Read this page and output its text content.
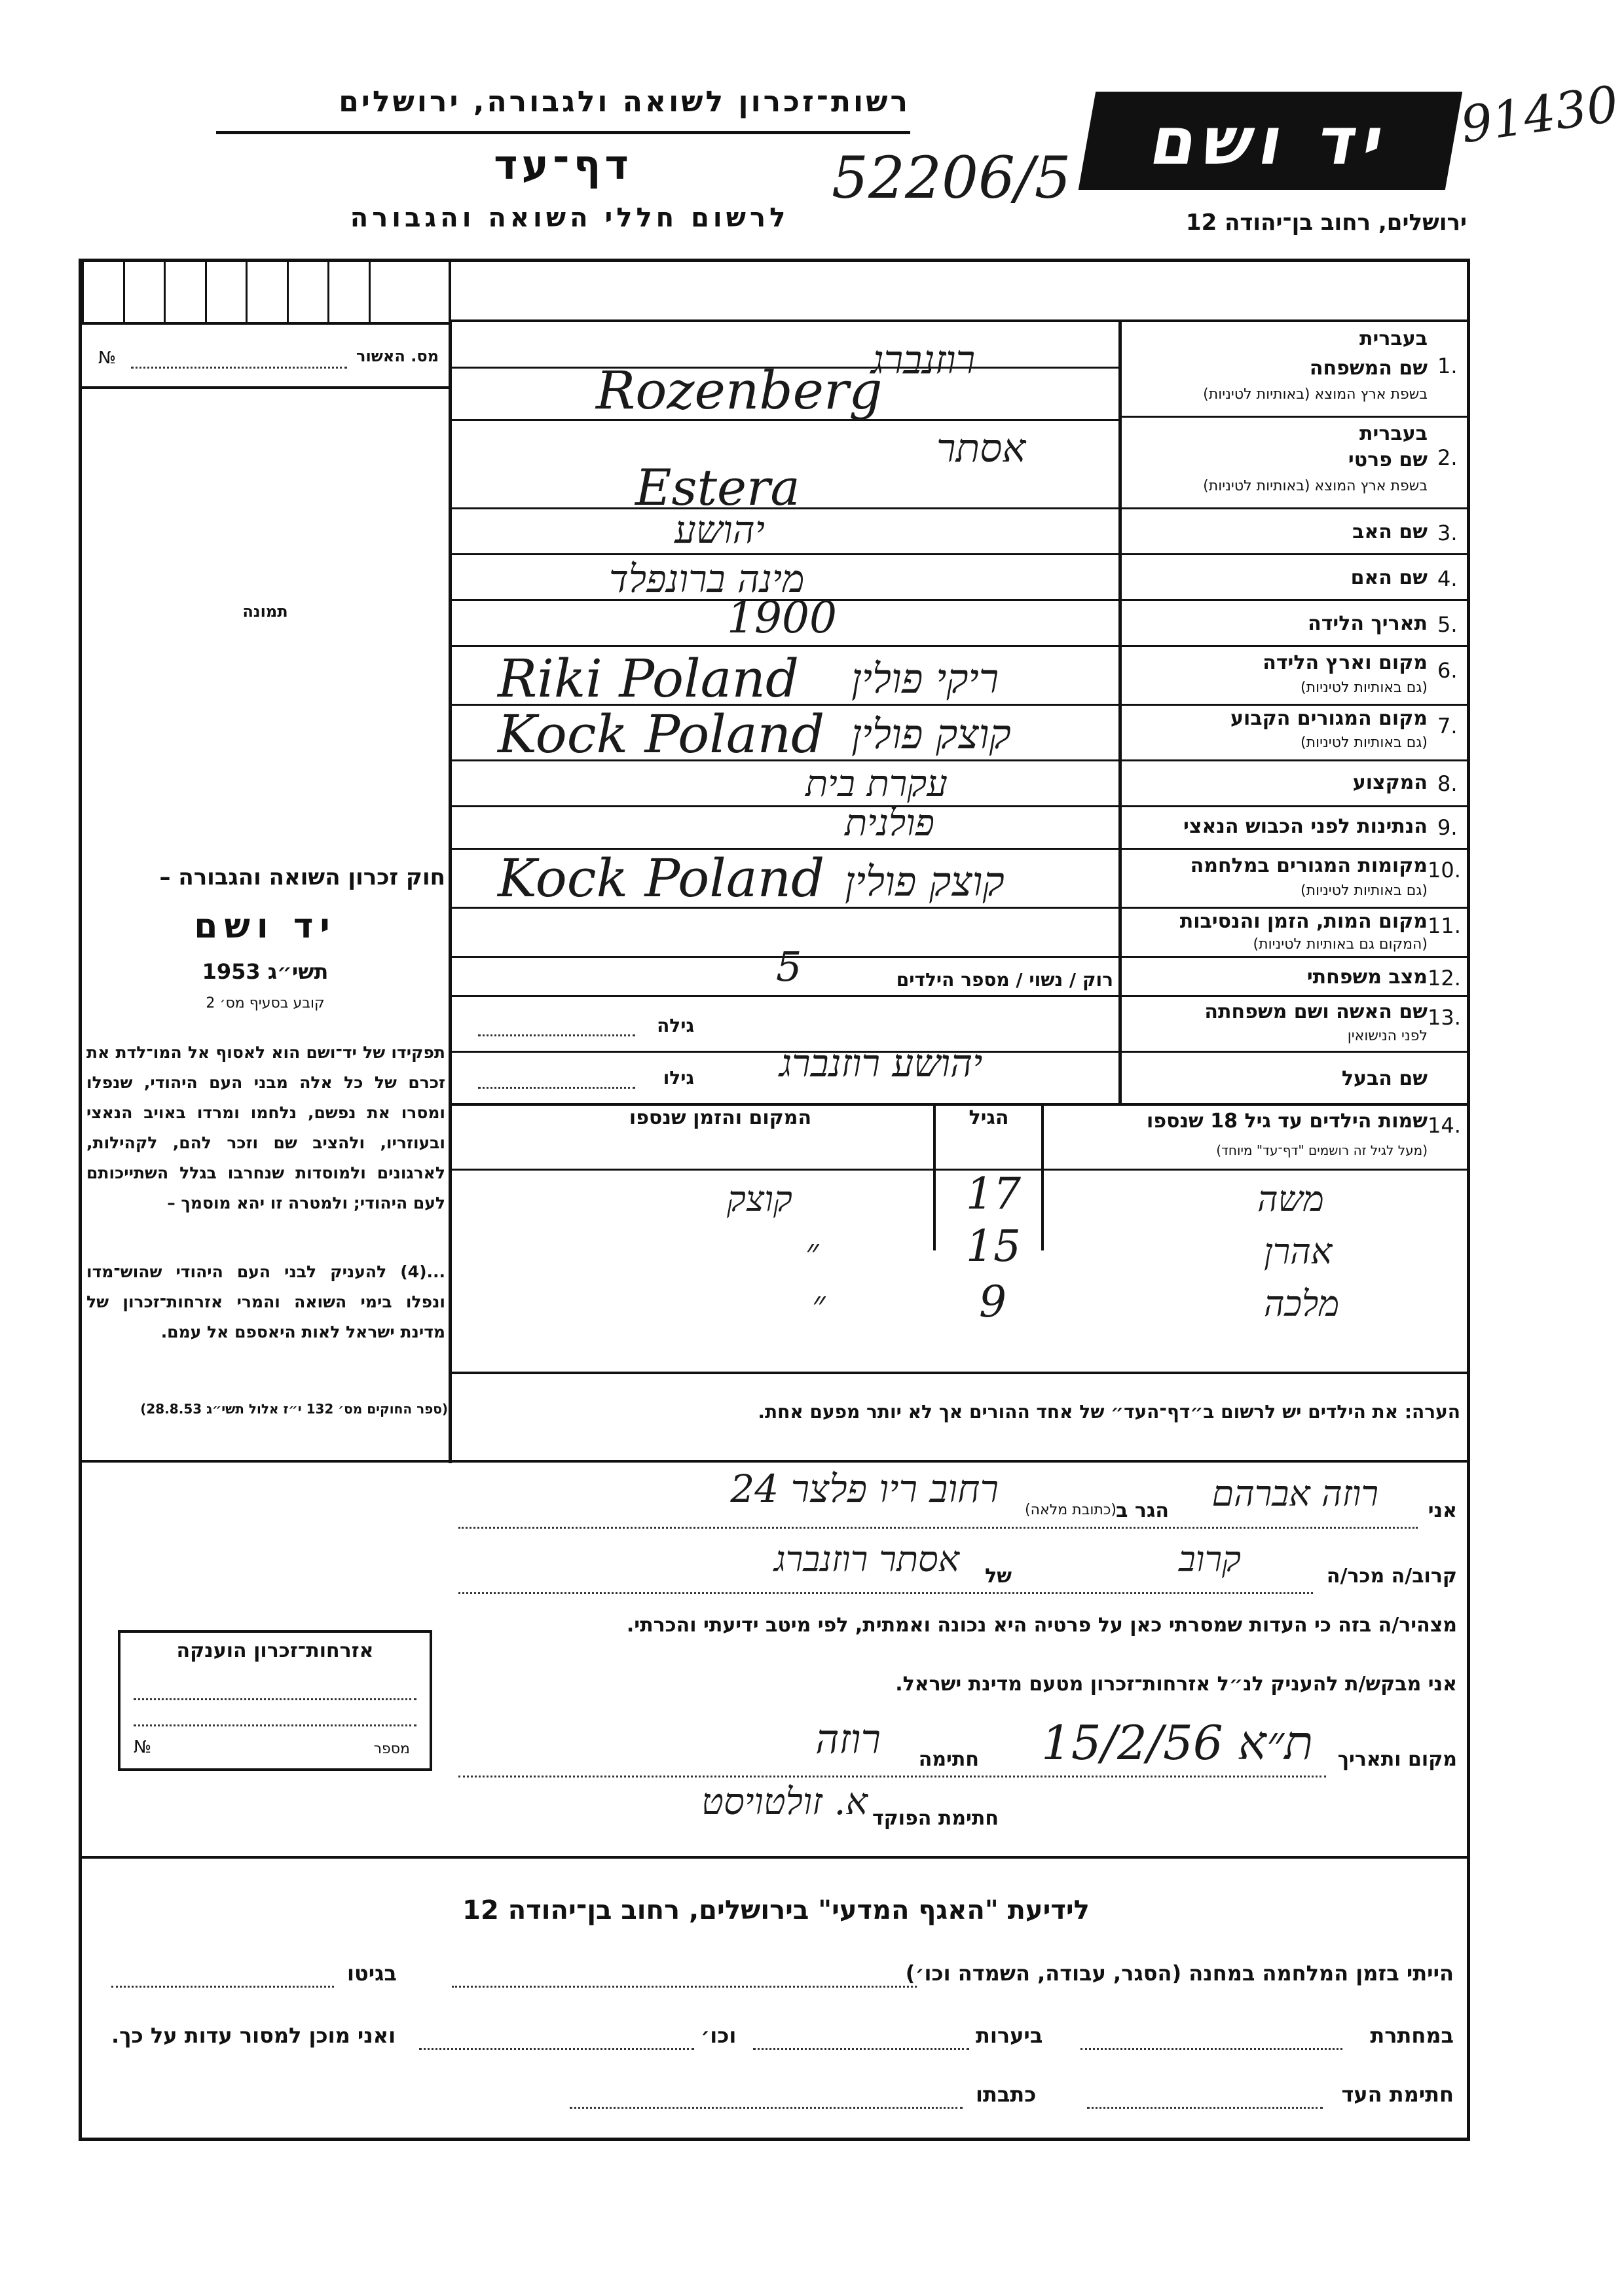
רשות־זכרון לשואה ולגבורה, ירושלים
דף־עד
לרשום חללי השואה והגבורה
52206/5 יד ושם 91430
ירושלים, רחוב בן־יהודה 12
מס. האשור
№
תמונה
חוק זכרון השואה והגבורה –
יד ושם
תשי״ג 1953
קובע בסעיף מס׳ 2
תפקידו של יד־ושם הוא לאסוף אל המו־לדת את זכרם של כל אלה מבני העם היהודי, שנפלו ומסרו את נפשם, נלחמו ומרדו באויב הנאצי ובעוזריו, ולהציב שם וזכר להם, לקהילות, לארגונים ולמוסדות שנחרבו בגלל השתייכותם לעם היהודי; ולמטרה זו יהא מוסמך –
...(4) להעניק לבני העם היהודי שהוש־מדו ונפלו בימי השואה והמרי אזרחות־זכרון של מדינת ישראל לאות היאספם אל עמם.
(ספר החוקים מס׳ 132 י״ז אלול תשי״ג 28.8.53)
1.
בעברית
שם המשפחה
בשפת ארץ המוצא (באותיות לטיניות)
2.
בעברית
שם פרטי
בשפת ארץ המוצא (באותיות לטיניות)
3.
שם האב
4.
שם האם
5.
תאריך הלידה
6.
מקום וארץ הלידה
(גם באותיות לטיניות)
7.
מקום המגורים הקבוע
(גם באותיות לטיניות)
8.
המקצוע
9.
הנתינות לפני הכבוש הנאצי
10.
מקומות המגורים במלחמה
(גם באותיות לטיניות)
11.
מקום המות, הזמן והנסיבות
(המקום גם באותיות לטיניות)
12.
מצב משפחתי
13.
שם האשה ושם משפחתה
לפני הנישואין
שם הבעל
Rozenberg
רוזנברג
Estera
אסתר
יהושע
מינה ברונפלד
1900
Riki Poland ריקי פולין
Kock Poland קוצק פולין
עקרת בית
פולנית
Kock Poland קוצק פולין
רוק / נשוי / מספר הילדים
5
גילה
גילו יהושע רוזנברג
14.
שמות הילדים עד גיל 18 שנספו
(מעל לגיל זה רושמים "דף־עד" מיוחד)
הגיל
המקום והזמן שנספו
משה
17
קוצק
אהרן
15
״
מלכה
9
״
הערה: את הילדים יש לרשום ב״דף־העד״ של אחד ההורים אך לא יותר מפעם אחת.
אני
רוזה אברהם
הגר ב
(כתובת מלאה)
רחוב ריו פלצר 24
קרוב/ה מכר/ה
קרוב
של
אסתר רוזנברג
מצהיר/ה בזה כי העדות שמסרתי כאן על פרטיה היא נכונה ואמתית, לפי מיטב ידיעתי והכרתי.
אני מבקש/ת להעניק לנ״ל אזרחות־זכרון מטעם מדינת ישראל.
מקום ותאריך
ת״א 15/2/56
חתימה
רוזה
חתימת הפוקד
א. זולטויסט
אזרחות־זכרון הוענקה
מספר
№
לידיעת "האגף המדעי" בירושלים, רחוב בן־יהודה 12
הייתי בזמן המלחמה במחנה (הסגר, עבודה, השמדה וכו׳)
בגיטו
במחתרת
ביערות
וכו׳
ואני מוכן למסור עדות על כך.
חתימת העד
כתבתו
